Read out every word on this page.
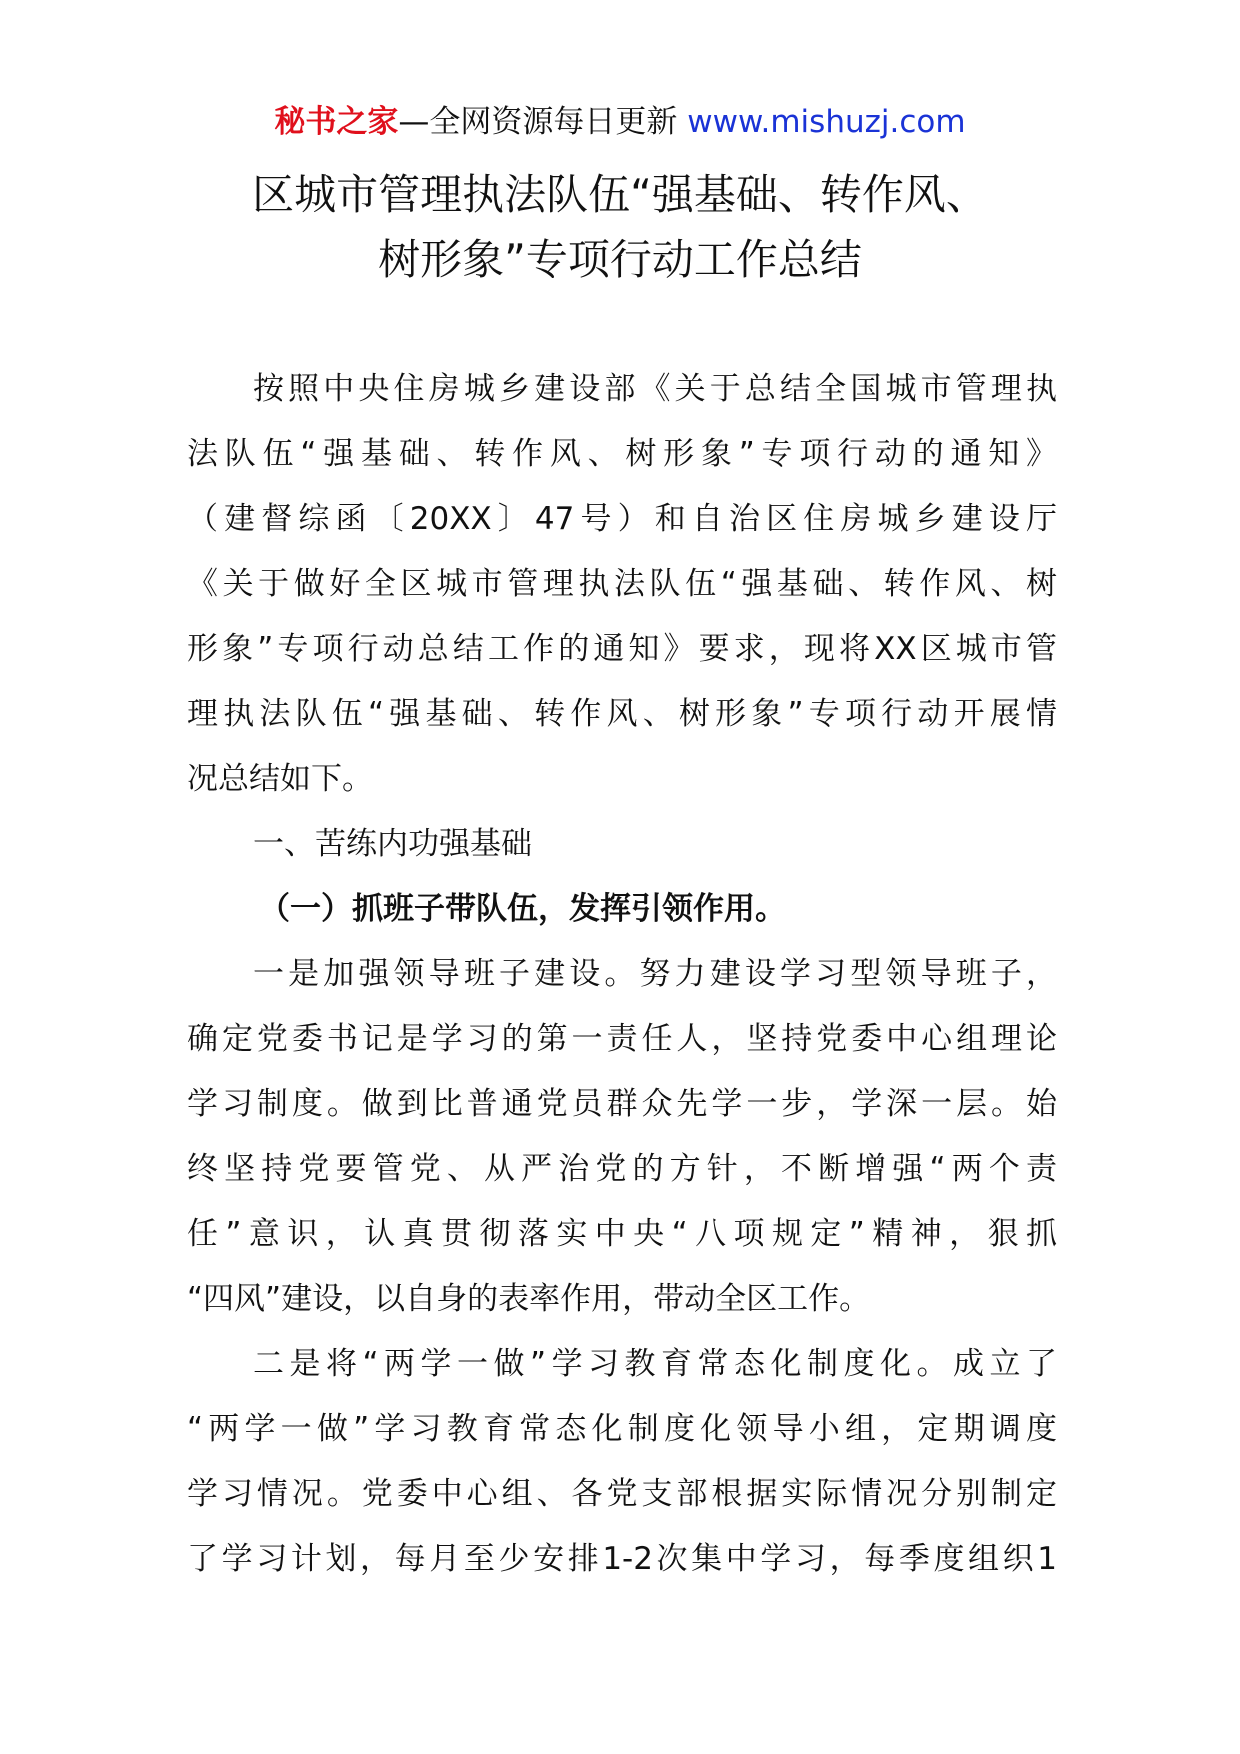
秘书之家—全网资源每日更新 www.mishuzj.com
区城市管理执法队伍“强基础、转作风、
树形象”专项行动工作总结
按照中央住房城乡建设部《关于总结全国城市管理执
法队伍“强基础、转作风、树形象”专项行动的通知》
（建督综函〔20XX〕47号）和自治区住房城乡建设厅
《关于做好全区城市管理执法队伍“强基础、转作风、树
形象”专项行动总结工作的通知》要求，现将XX区城市管
理执法队伍“强基础、转作风、树形象”专项行动开展情
况总结如下。
一、苦练内功强基础
（一）抓班子带队伍，发挥引领作用。
一是加强领导班子建设。努力建设学习型领导班子，
确定党委书记是学习的第一责任人，坚持党委中心组理论
学习制度。做到比普通党员群众先学一步，学深一层。始
终坚持党要管党、从严治党的方针，不断增强“两个责
任”意识，认真贯彻落实中央“八项规定”精神，狠抓
“四风”建设，以自身的表率作用，带动全区工作。
二是将“两学一做”学习教育常态化制度化。成立了
“两学一做”学习教育常态化制度化领导小组，定期调度
学习情况。党委中心组、各党支部根据实际情况分别制定
了学习计划，每月至少安排1-2次集中学习，每季度组织1
